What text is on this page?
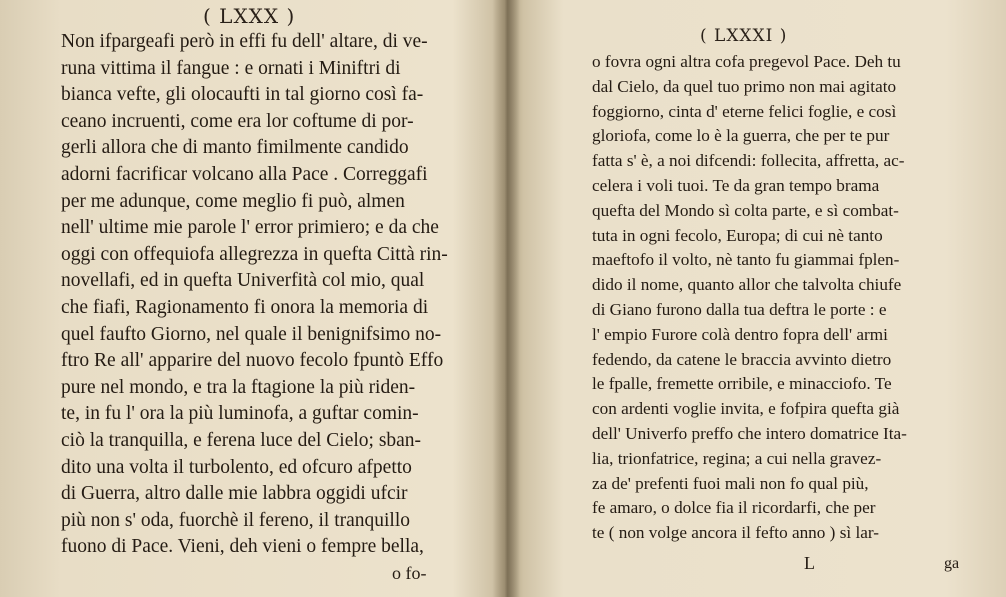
( LXXX )
Non ifpargeafi però in effi fu dell' altare, di ve-
runa vittima il fangue : e ornati i Miniftri di
bianca vefte, gli olocaufti in tal giorno così fa-
ceano incruenti, come era lor coftume di por-
gerli allora che di manto fimilmente candido
adorni facrificar volcano alla Pace . Correggafi
per me adunque, come meglio fi può, almen
nell' ultime mie parole l' error primiero; e da che
oggi con offequiofa allegrezza in quefta Città rin-
novellafi, ed in quefta Univerfità col mio, qual
che fiafi, Ragionamento fi onora la memoria di
quel faufto Giorno, nel quale il benignifsimo no-
ftro Re all' apparire del nuovo fecolo fpuntò Effo
pure nel mondo, e tra la ftagione la più riden-
te, in fu l' ora la più luminofa, a guftar comin-
ciò la tranquilla, e ferena luce del Cielo; sban-
dito una volta il turbolento, ed ofcuro afpetto
di Guerra, altro dalle mie labbra oggidi ufcir
più non s' oda, fuorchè il fereno, il tranquillo
fuono di Pace. Vieni, deh vieni o fempre bella,
o fo-
( LXXXI )
o fovra ogni altra cofa pregevol Pace. Deh tu
dal Cielo, da quel tuo primo non mai agitato
foggiorno, cinta d' eterne felici foglie, e così
gloriofa, come lo è la guerra, che per te pur
fatta s' è, a noi difcendi: follecita, affretta, ac-
celera i voli tuoi. Te da gran tempo brama
quefta del Mondo sì colta parte, e sì combat-
tuta in ogni fecolo, Europa; di cui nè tanto
maeftofo il volto, nè tanto fu giammai fplen-
dido il nome, quanto allor che talvolta chiufe
di Giano furono dalla tua deftra le porte : e
l' empio Furore colà dentro fopra dell' armi
fedendo, da catene le braccia avvinto dietro
le fpalle, fremette orribile, e minacciofo. Te
con ardenti voglie invita, e fofpira quefta già
dell' Univerfo preffo che intero domatrice Ita-
lia, trionfatrice, regina; a cui nella gravez-
za de' prefenti fuoi mali non fo qual più,
fe amaro, o dolce fia il ricordarfi, che per
te ( non volge ancora il fefto anno ) sì lar-
L	ga
